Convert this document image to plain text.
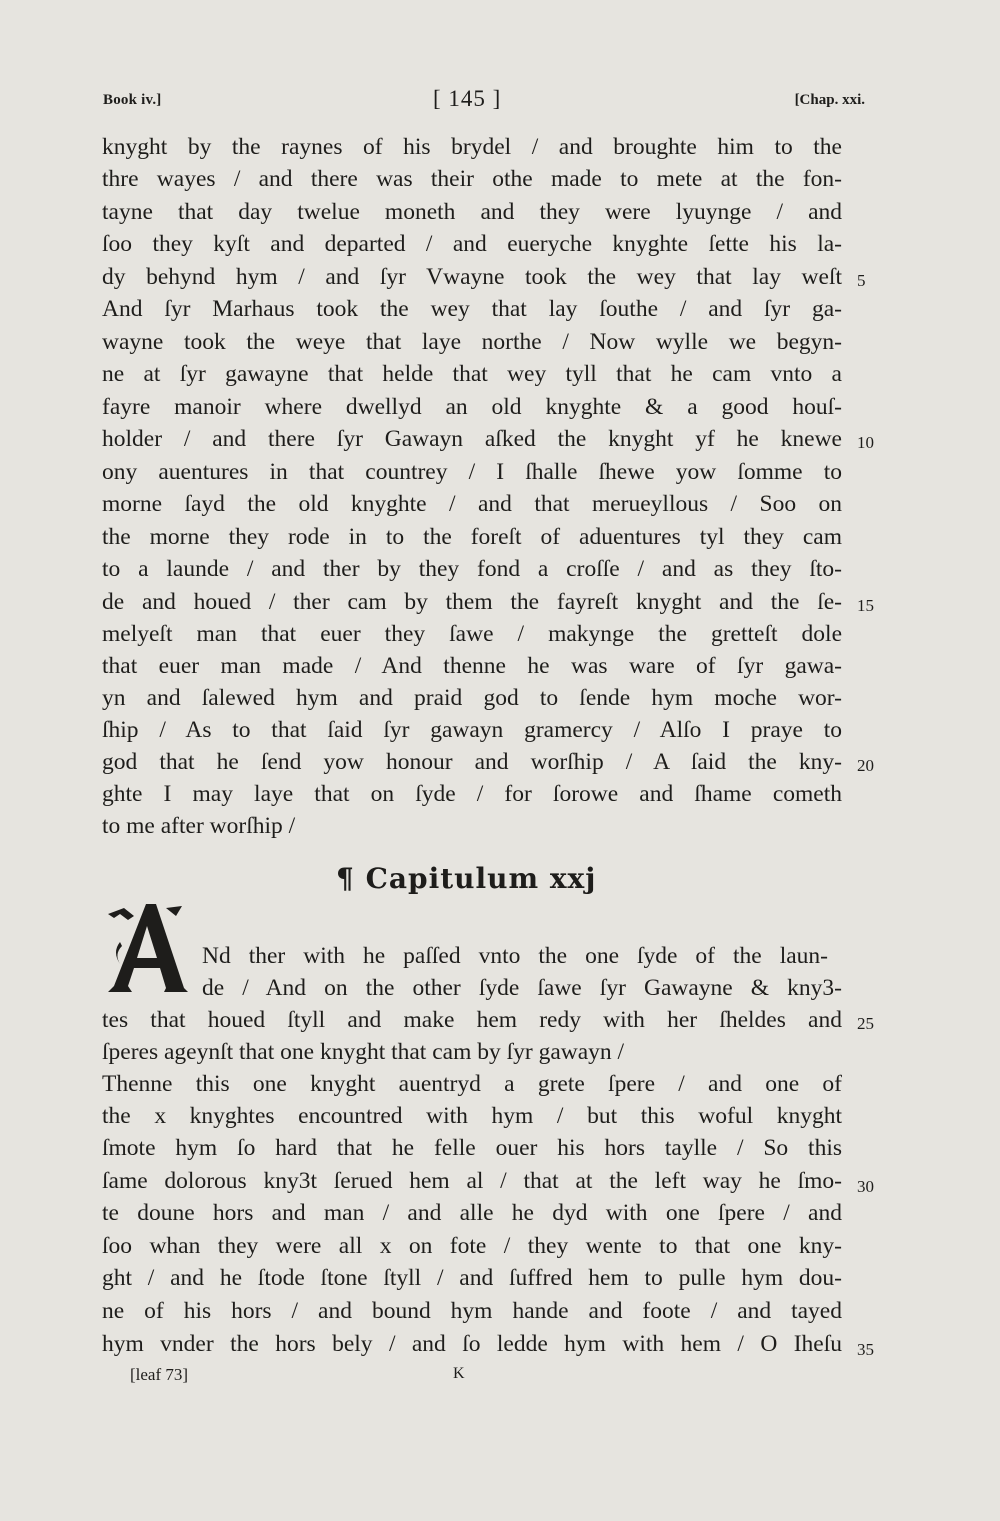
Book iv.]	[ 145 ]	[Chap. xxi.
knyght by the raynes of his brydel / and broughte him to the
thre wayes / and there was their othe made to mete at the fon-
tayne that day twelue moneth and they were lyuynge / and
ſoo they kyſt and departed / and eueryche knyghte ſette his la-
dy behynd hym / and ſyr Vwayne took the wey that lay weſt
And ſyr Marhaus took the wey that lay ſouthe / and ſyr ga-
wayne took the weye that laye northe / Now wylle we begyn-
ne at ſyr gawayne that helde that wey tyll that he cam vnto a
fayre manoir where dwellyd an old knyghte & a good houſ-
holder / and there ſyr Gawayn aſked the knyght yf he knewe
ony auentures in that countrey / I ſhalle ſhewe yow ſomme to
morne ſayd the old knyghte / and that merueyllous / Soo on
the morne they rode in to the foreſt of aduentures tyl they cam
to a launde / and ther by they fond a croſſe / and as they ſto-
de and houed / ther cam by them the fayreſt knyght and the ſe-
melyeſt man that euer they ſawe / makynge the gretteſt dole
that euer man made / And thenne he was ware of ſyr gawa-
yn and ſalewed hym and praid god to ſende hym moche wor-
ſhip / As to that ſaid ſyr gawayn gramercy / Alſo I praye to
god that he ſend yow honour and worſhip / A ſaid the kny-
ghte I may laye that on ſyde / for ſorowe and ſhame cometh
to me after worſhip /
¶ Capitulum xxj
Nd ther with he paſſed vnto the one ſyde of the laun-
de / And on the other ſyde ſawe ſyr Gawayne & kny3-
tes that houed ſtyll and make hem redy with her ſheldes and
ſperes ageynſt that one knyght that cam by ſyr gawayn /
Thenne this one knyght auentryd a grete ſpere / and one of
the x knyghtes encountred with hym / but this woful knyght
ſmote hym ſo hard that he felle ouer his hors taylle / So this
ſame dolorous kny3t ſerued hem al / that at the left way he ſmo-
te doune hors and man / and alle he dyd with one ſpere / and
ſoo whan they were all x on fote / they wente to that one kny-
ght / and he ſtode ſtone ſtyll / and ſuffred hem to pulle hym dou-
ne of his hors / and bound hym hande and foote / and tayed
hym vnder the hors bely / and ſo ledde hym with hem / O Iheſu
5
10
15
20
25
30
35
[leaf 73]	K
